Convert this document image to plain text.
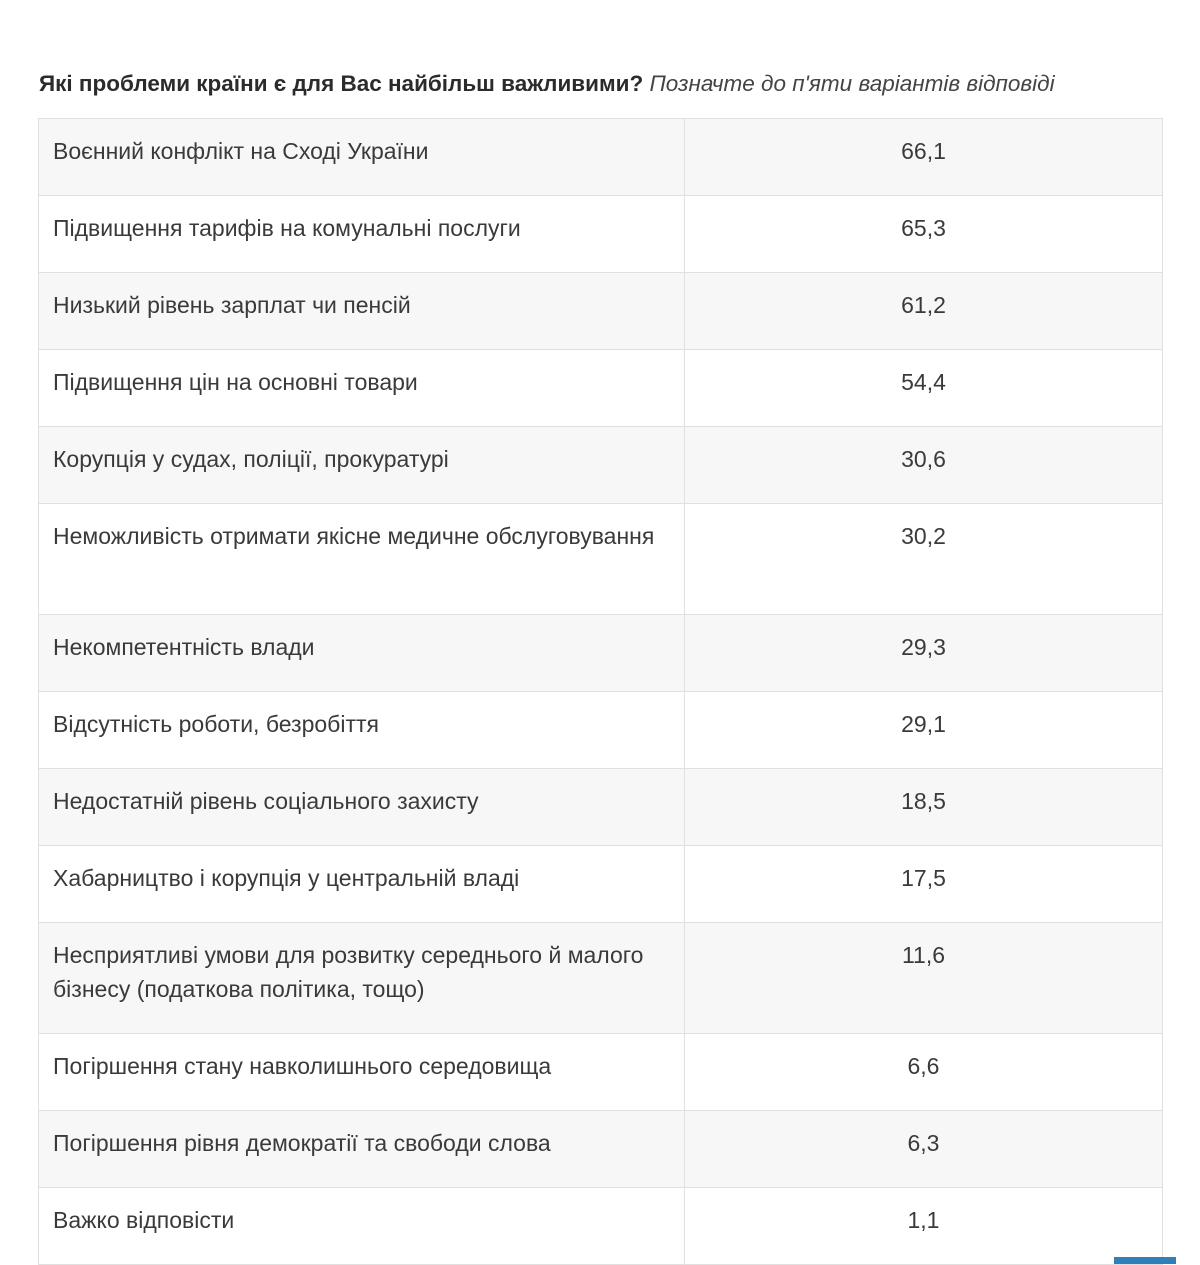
Які проблеми країни є для Вас найбільш важливими? Позначте до п'яти варіантів відповіді
Воєнний конфлікт на Сході України	66,1
Підвищення тарифів на комунальні послуги	65,3
Низький рівень зарплат чи пенсій	61,2
Підвищення цін на основні товари	54,4
Корупція у судах, поліції, прокуратурі	30,6
Неможливість отримати якісне медичне обслуговування	30,2
Некомпетентність влади	29,3
Відсутність роботи, безробіття	29,1
Недостатній рівень соціального захисту	18,5
Хабарництво і корупція у центральній владі	17,5
Несприятливі умови для розвитку середнього й малого бізнесу (податкова політика, тощо)	11,6
Погіршення стану навколишнього середовища	6,6
Погіршення рівня демократії та свободи слова	6,3
Важко відповісти	1,1
